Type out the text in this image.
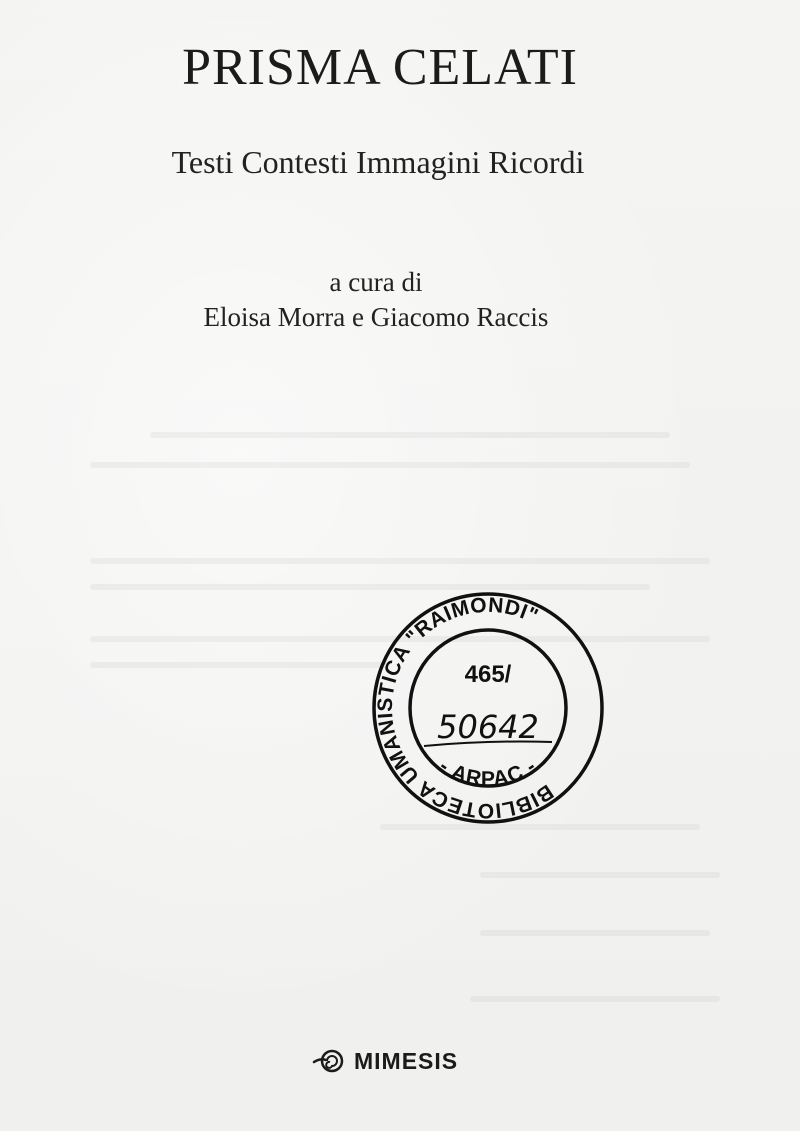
PRISMA CELATI
Testi Contesti Immagini Ricordi
a cura di
Eloisa Morra e Giacomo Raccis
BIBLIOTECA UMANISTICA "RAIMONDI"
- ARPAC -
465/
50642
MIMESIS
